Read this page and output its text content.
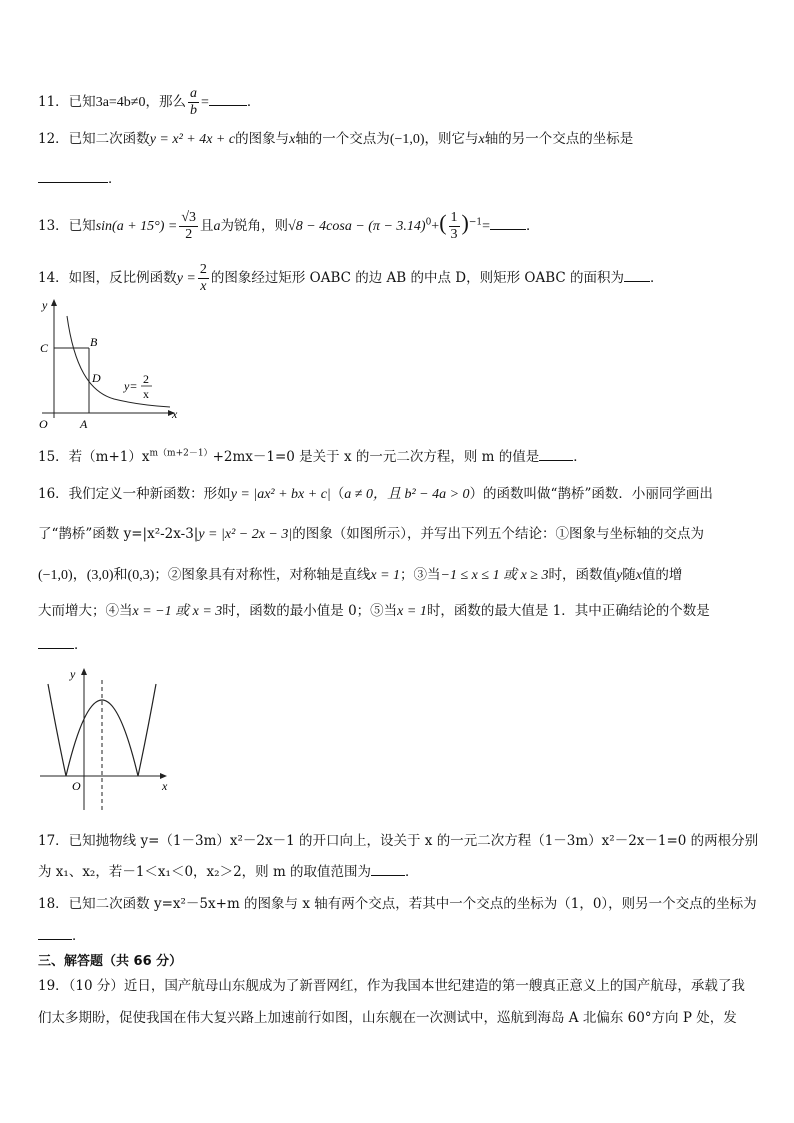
11．已知3a=4b≠0，那么 $\frac{a}{b}$ =	．
12．已知二次函数y = x² + 4x + c的图象与x轴的一个交点为(−1,0)，则它与x轴的另一个交点的坐标是
．
13．已知$\sin(a + 15^\circ) = \frac{√3}{2}$ 且a为锐角，则$√8 - 4\cos a - (\pi - 3.14)^0+( \frac{1}{3} )^{-1}=$	．
14．如图，反比例函数$y = \frac{2}{x}$ 的图象经过矩形 OABC 的边 AB 的中点 D，则矩形 OABC 的面积为 ．
y
x
C	B
D
O	A
y= 2
x
15．若$(m+1)x^{m(m+2-1)}+2mx-1=0$ 是关于 x 的一元二次方程，则 m 的值是	．
16．我们定义一种新函数：形如y = |ax² + bx + c|（a ≠ 0，且 b² − 4a > 0）的函数叫做“鹊桥”函数．小丽同学画出
了“鹊桥”函数 y=|x²-2x-3|y = |x² − 2x − 3|的图象（如图所示），并写出下列五个结论：①图象与坐标轴的交点为
(−1,0)，(3,0)和(0,3)；②图象具有对称性，对称轴是直线x = 1；③当−1 ≤ x ≤ 1 或 x ≥ 3时，函数值y随x值的增
大而增大；④当x = −1 或 x = 3时，函数的最小值是 0；⑤当x = 1时，函数的最大值是 1．其中正确结论的个数是
．
y
x
O
17．已知抛物线 y=（1－3m）x²－2x－1 的开口向上，设关于 x 的一元二次方程（1－3m）x²－2x－1=0 的两根分别
为 x₁、x₂，若－1＜x₁＜0，x₂＞2，则 m 的取值范围为	．
18．已知二次函数 y=x²－5x+m 的图象与 x 轴有两个交点，若其中一个交点的坐标为（1，0），则另一个交点的坐标为
．
三、解答题（共 66 分）
19．（10 分）近日，国产航母山东舰成为了新晋网红，作为我国本世纪建造的第一艘真正意义上的国产航母，承载了我
们太多期盼，促使我国在伟大复兴路上加速前行如图，山东舰在一次测试中，巡航到海岛 A 北偏东 60°方向 P 处，发
